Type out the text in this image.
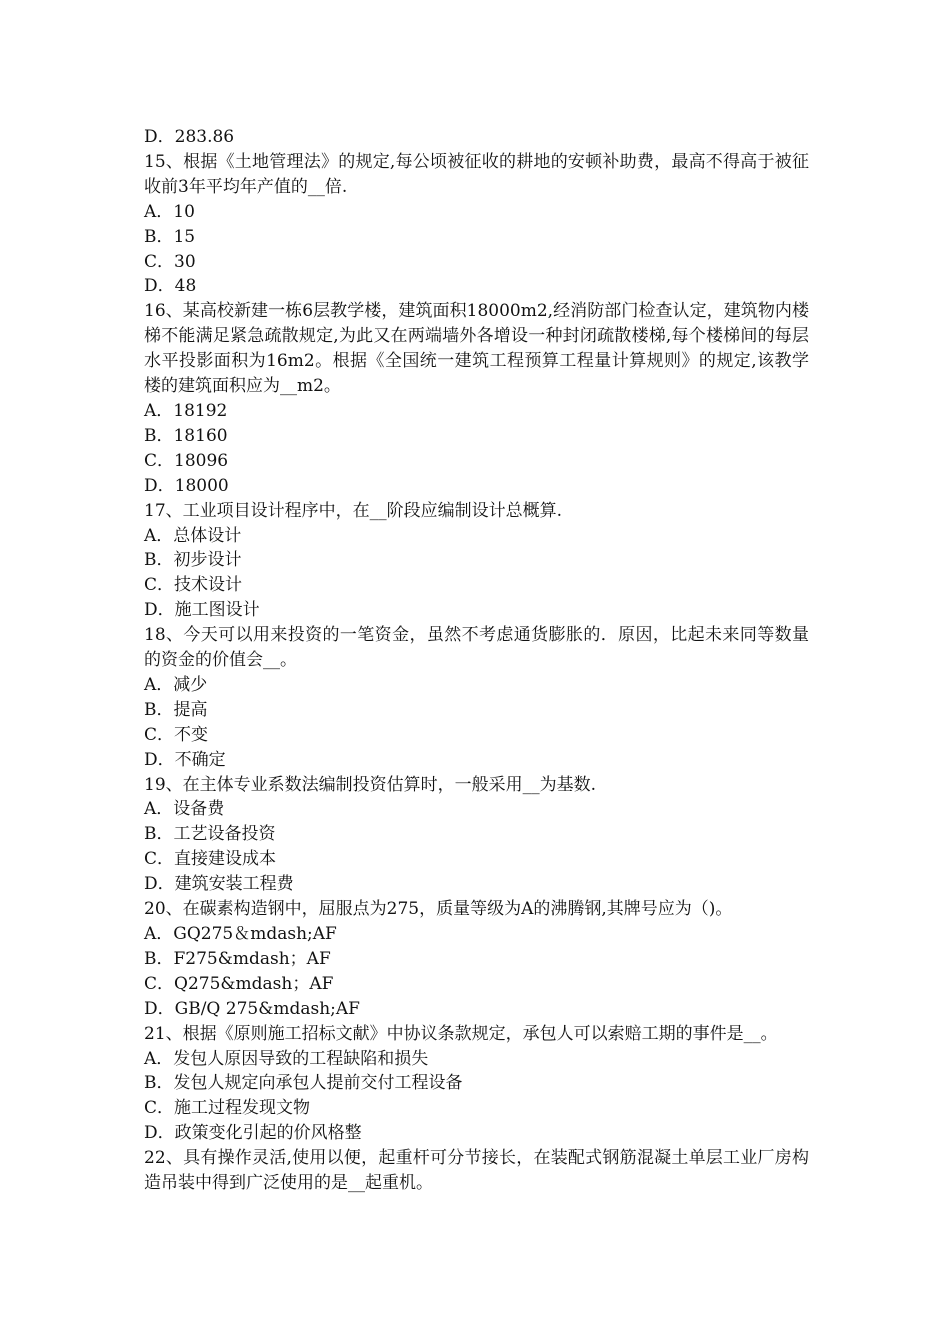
D．283.86

15、根据《土地管理法》的规定,每公顷被征收的耕地的安顿补助费，最高不得高于被征收前3年平均年产值的__倍.

A．10

B．15

C．30

D．48

16、某高校新建一栋6层教学楼，建筑面积18000m2,经消防部门检查认定，建筑物内楼梯不能满足紧急疏散规定,为此又在两端墙外各增设一种封闭疏散楼梯,每个楼梯间的每层水平投影面积为16m2。根据《全国统一建筑工程预算工程量计算规则》的规定,该教学楼的建筑面积应为__m2。

A．18192

B．18160

C．18096

D．18000

17、工业项目设计程序中，在__阶段应编制设计总概算.

A．总体设计

B．初步设计

C．技术设计

D．施工图设计

18、今天可以用来投资的一笔资金，虽然不考虑通货膨胀的．原因，比起未来同等数量的资金的价值会__。

A．减少

B．提高

C．不变

D．不确定

19、在主体专业系数法编制投资估算时，一般采用__为基数.

A．设备费

B．工艺设备投资

C．直接建设成本

D．建筑安装工程费

20、在碳素构造钢中，屈服点为275，质量等级为A的沸腾钢,其牌号应为（)。

A．GQ275＆mdash;AF

B．F275&mdash；AF

C．Q275&mdash；AF

D．GB/Q 275&mdash;AF

21、根据《原则施工招标文献》中协议条款规定，承包人可以索赔工期的事件是__。

A．发包人原因导致的工程缺陷和损失

B．发包人规定向承包人提前交付工程设备

C．施工过程发现文物

D．政策变化引起的价风格整

22、具有操作灵活,使用以便，起重杆可分节接长，在装配式钢筋混凝土单层工业厂房构造吊装中得到广泛使用的是__起重机。
